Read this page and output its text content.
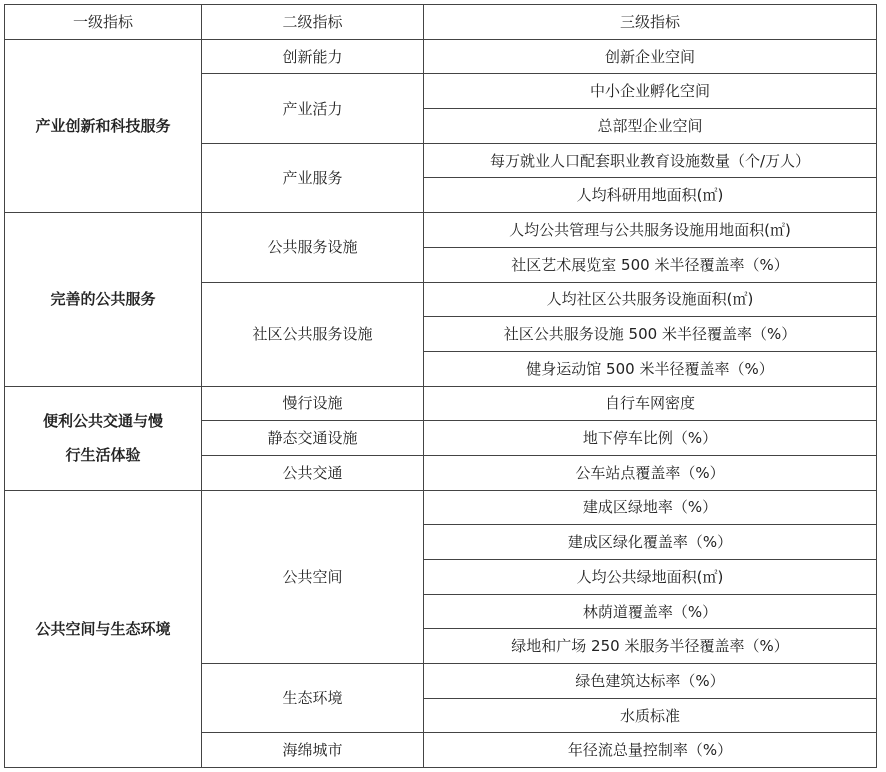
一级指标	二级指标	三级指标
产业创新和科技服务	创新能力	创新企业空间
	产业活力	中小企业孵化空间
		总部型企业空间
	产业服务	每万就业人口配套职业教育设施数量（个/万人）
		人均科研用地面积(㎡)
完善的公共服务	公共服务设施	人均公共管理与公共服务设施用地面积(㎡)
		社区艺术展览室 500 米半径覆盖率（%）
	社区公共服务设施	人均社区公共服务设施面积(㎡)
		社区公共服务设施 500 米半径覆盖率（%）
		健身运动馆 500 米半径覆盖率（%）
便利公共交通与慢行生活体验	慢行设施	自行车网密度
	静态交通设施	地下停车比例（%）
	公共交通	公车站点覆盖率（%）
公共空间与生态环境	公共空间	建成区绿地率（%）
		建成区绿化覆盖率（%）
		人均公共绿地面积(㎡)
		林荫道覆盖率（%）
		绿地和广场 250 米服务半径覆盖率（%）
	生态环境	绿色建筑达标率（%）
		水质标准
	海绵城市	年径流总量控制率（%）
